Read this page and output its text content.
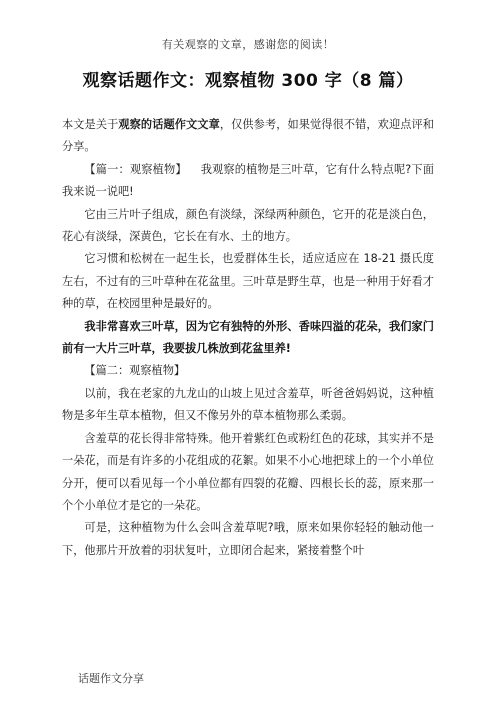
有关观察的文章，感谢您的阅读！
观察话题作文：观察植物 300 字（8 篇）

本文是关于观察的话题作文文章，仅供参考，如果觉得很不错，欢迎点评和分享。

【篇一：观察植物】 我观察的植物是三叶草，它有什么特点呢?下面我来说一说吧!

它由三片叶子组成，颜色有淡绿，深绿两种颜色，它开的花是淡白色，花心有淡绿，深黄色，它长在有水、土的地方。

它习惯和松树在一起生长，也爱群体生长，适应适应在 18-21 摄氏度左右，不过有的三叶草种在花盆里。三叶草是野生草，也是一种用于好看才种的草，在校园里种是最好的。

我非常喜欢三叶草，因为它有独特的外形、香味四溢的花朵，我们家门前有一大片三叶草，我要拔几株放到花盆里养!

【篇二：观察植物】

以前，我在老家的九龙山的山坡上见过含羞草，听爸爸妈妈说，这种植物是多年生草本植物，但又不像另外的草本植物那么柔弱。

含羞草的花长得非常特殊。他开着紫红色或粉红色的花球，其实并不是一朵花，而是有许多的小花组成的花絮。如果不小心地把球上的一个小单位分开，便可以看见每一个小单位都有四裂的花瓣、四根长长的蕊，原来那一个个小单位才是它的一朵花。

可是，这种植物为什么会叫含羞草呢?哦，原来如果你轻轻的触动他一下，他那片开放着的羽状复叶，立即闭合起来，紧接着整个叶

话题作文分享
